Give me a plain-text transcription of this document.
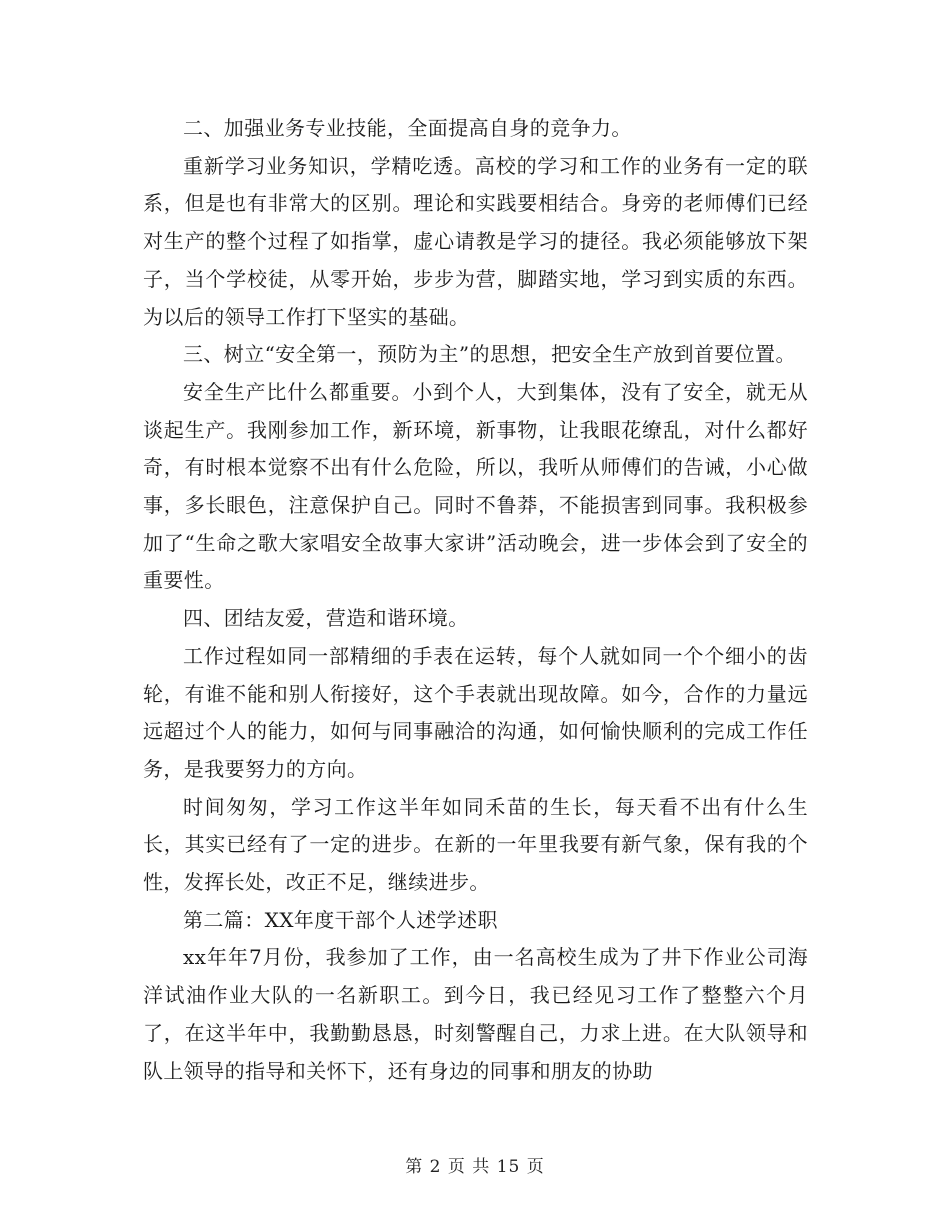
二、加强业务专业技能，全面提高自身的竞争力。

重新学习业务知识，学精吃透。高校的学习和工作的业务有一定的联系，但是也有非常大的区别。理论和实践要相结合。身旁的老师傅们已经对生产的整个过程了如指掌，虚心请教是学习的捷径。我必须能够放下架子，当个学校徒，从零开始，步步为营，脚踏实地，学习到实质的东西。为以后的领导工作打下坚实的基础。

三、树立“安全第一，预防为主”的思想，把安全生产放到首要位置。

安全生产比什么都重要。小到个人，大到集体，没有了安全，就无从谈起生产。我刚参加工作，新环境，新事物，让我眼花缭乱，对什么都好奇，有时根本觉察不出有什么危险，所以，我听从师傅们的告诫，小心做事，多长眼色，注意保护自己。同时不鲁莽，不能损害到同事。我积极参加了“生命之歌大家唱安全故事大家讲”活动晚会，进一步体会到了安全的重要性。

四、团结友爱，营造和谐环境。

工作过程如同一部精细的手表在运转，每个人就如同一个个细小的齿轮，有谁不能和别人衔接好，这个手表就出现故障。如今，合作的力量远远超过个人的能力，如何与同事融洽的沟通，如何愉快顺利的完成工作任务，是我要努力的方向。

时间匆匆，学习工作这半年如同禾苗的生长，每天看不出有什么生长，其实已经有了一定的进步。在新的一年里我要有新气象，保有我的个性，发挥长处，改正不足，继续进步。

第二篇：XX年度干部个人述学述职

xx年年7月份，我参加了工作，由一名高校生成为了井下作业公司海洋试油作业大队的一名新职工。到今日，我已经见习工作了整整六个月了，在这半年中，我勤勤恳恳，时刻警醒自己，力求上进。在大队领导和队上领导的指导和关怀下，还有身边的同事和朋友的协助

第 2 页 共 15 页
